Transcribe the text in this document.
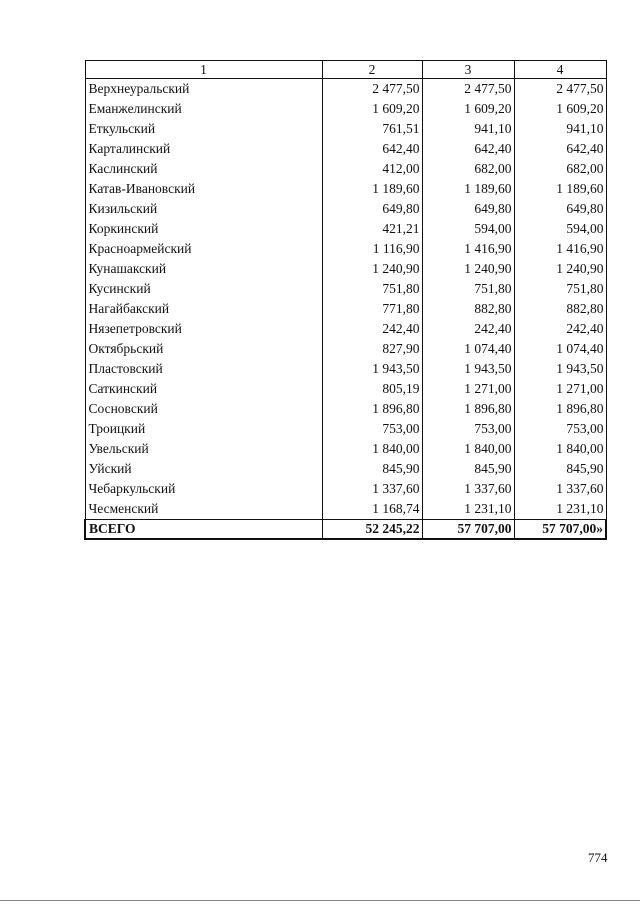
1	2	3	4
Верхнеуральский	2 477,50	2 477,50	2 477,50
Еманжелинский	1 609,20	1 609,20	1 609,20
Еткульский	761,51	941,10	941,10
Карталинский	642,40	642,40	642,40
Каслинский	412,00	682,00	682,00
Катав-Ивановский	1 189,60	1 189,60	1 189,60
Кизильский	649,80	649,80	649,80
Коркинский	421,21	594,00	594,00
Красноармейский	1 116,90	1 416,90	1 416,90
Кунашакский	1 240,90	1 240,90	1 240,90
Кусинский	751,80	751,80	751,80
Нагайбакский	771,80	882,80	882,80
Нязепетровский	242,40	242,40	242,40
Октябрьский	827,90	1 074,40	1 074,40
Пластовский	1 943,50	1 943,50	1 943,50
Саткинский	805,19	1 271,00	1 271,00
Сосновский	1 896,80	1 896,80	1 896,80
Троицкий	753,00	753,00	753,00
Увельский	1 840,00	1 840,00	1 840,00
Уйский	845,90	845,90	845,90
Чебаркульский	1 337,60	1 337,60	1 337,60
Чесменский	1 168,74	1 231,10	1 231,10
ВСЕГО	52 245,22	57 707,00	57 707,00»
774
